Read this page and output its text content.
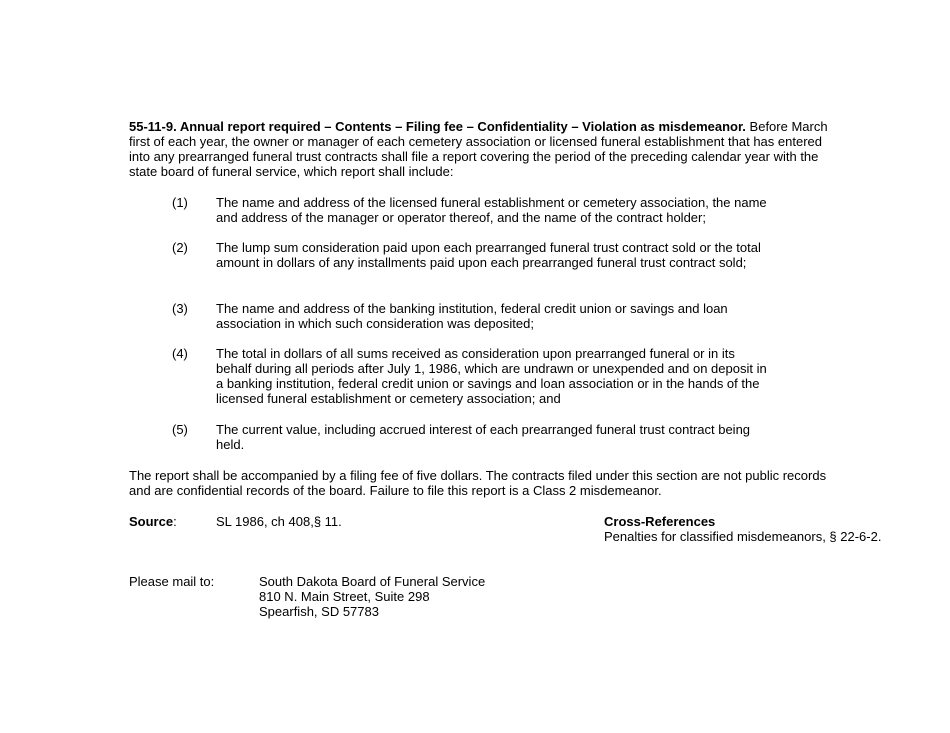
55-11-9. Annual report required – Contents – Filing fee – Confidentiality – Violation as misdemeanor. Before March first of each year, the owner or manager of each cemetery association or licensed funeral establishment that has entered into any prearranged funeral trust contracts shall file a report covering the period of the preceding calendar year with the state board of funeral service, which report shall include:

(1)	The name and address of the licensed funeral establishment or cemetery association, the name and address of the manager or operator thereof, and the name of the contract holder;
(2)	The lump sum consideration paid upon each prearranged funeral trust contract sold or the total amount in dollars of any installments paid upon each prearranged funeral trust contract sold;
(3)	The name and address of the banking institution, federal credit union or savings and loan association in which such consideration was deposited;
(4)	The total in dollars of all sums received as consideration upon prearranged funeral or in its behalf during all periods after July 1, 1986, which are undrawn or unexpended and on deposit in a banking institution, federal credit union or savings and loan association or in the hands of the licensed funeral establishment or cemetery association; and
(5)	The current value, including accrued interest of each prearranged funeral trust contract being held.

The report shall be accompanied by a filing fee of five dollars. The contracts filed under this section are not public records and are confidential records of the board. Failure to file this report is a Class 2 misdemeanor.

Source:	SL 1986, ch 408,§ 11.	Cross-References
Penalties for classified misdemeanors, § 22-6-2.
Please mail to:	South Dakota Board of Funeral Service
810 N. Main Street, Suite 298
Spearfish, SD 57783
